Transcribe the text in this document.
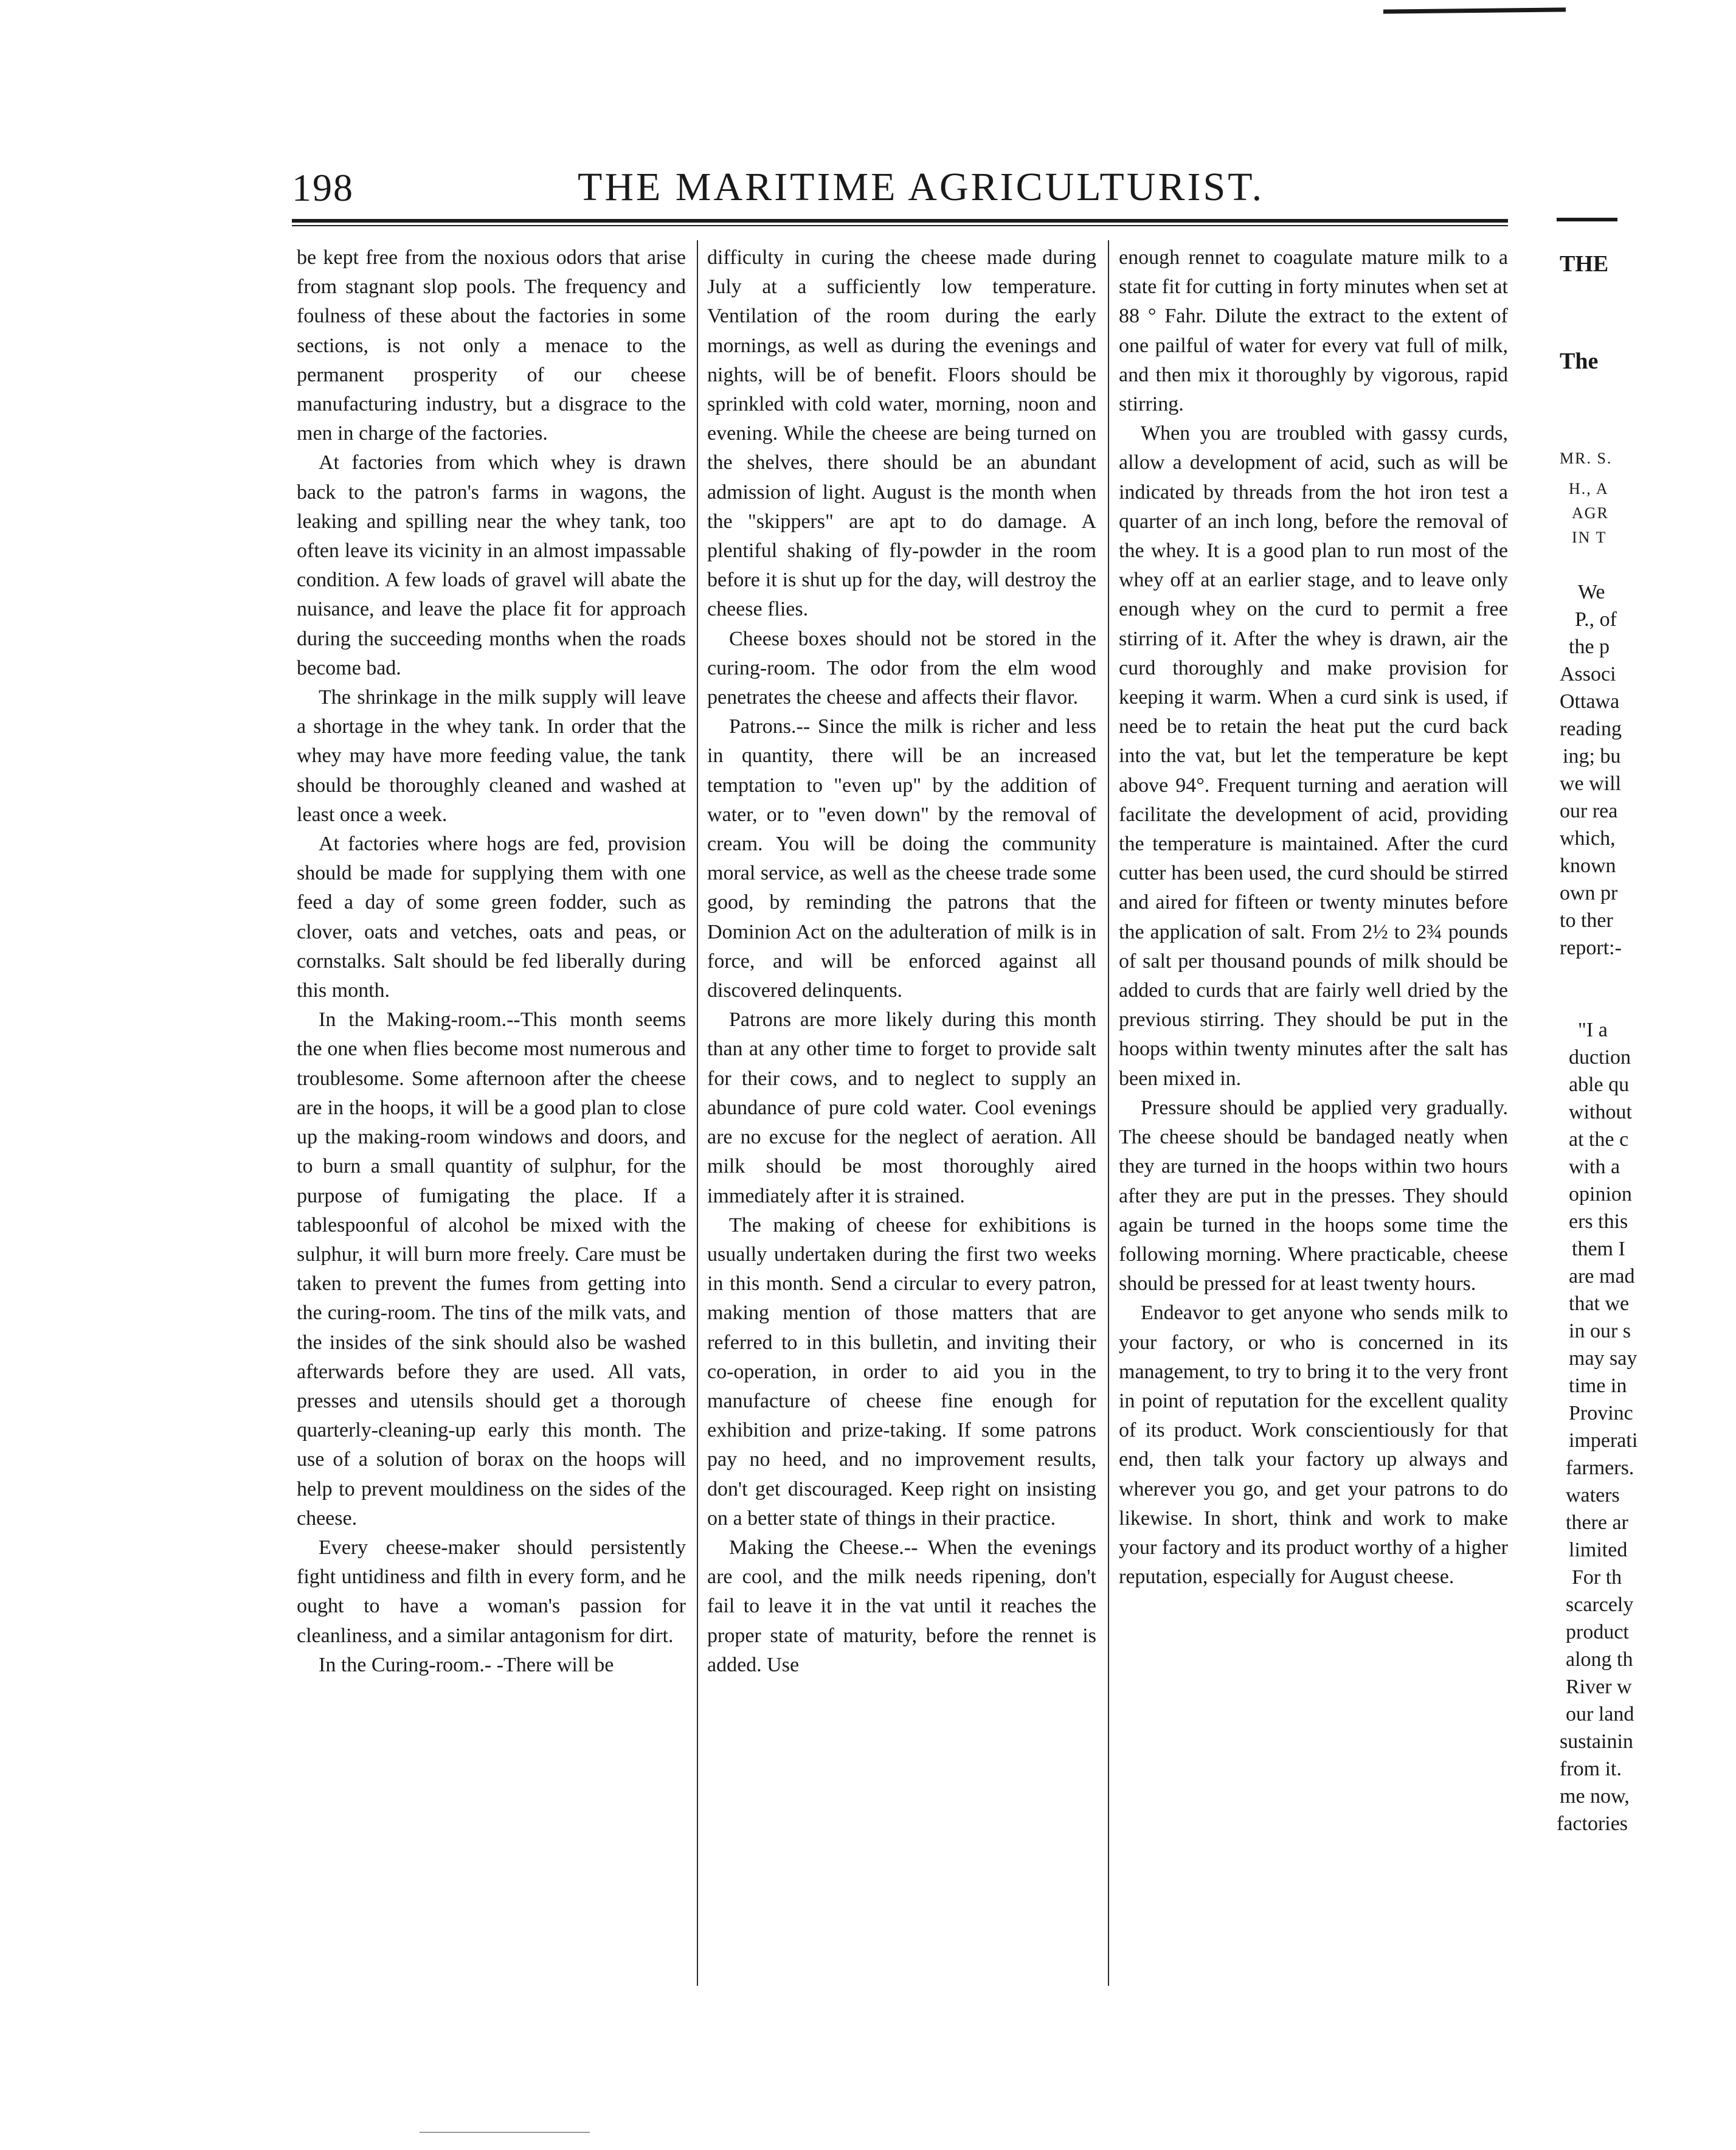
198	THE MARITIME AGRICULTURIST.

be kept free from the noxious odors that arise from stagnant slop pools. The frequency and foulness of these about the factories in some sections, is not only a menace to the permanent prosperity of our cheese manufacturing industry, but a disgrace to the men in charge of the factories.

At factories from which whey is drawn back to the patron's farms in wagons, the leaking and spilling near the whey tank, too often leave its vicinity in an almost impassable condition. A few loads of gravel will abate the nuisance, and leave the place fit for approach during the succeeding months when the roads become bad.

The shrinkage in the milk supply will leave a shortage in the whey tank. In order that the whey may have more feeding value, the tank should be thoroughly cleaned and washed at least once a week.

At factories where hogs are fed, provision should be made for supplying them with one feed a day of some green fodder, such as clover, oats and vetches, oats and peas, or cornstalks. Salt should be fed liberally during this month.

In the Making-room.--This month seems the one when flies become most numerous and troublesome. Some afternoon after the cheese are in the hoops, it will be a good plan to close up the making-room windows and doors, and to burn a small quantity of sulphur, for the purpose of fumigating the place. If a tablespoonful of alcohol be mixed with the sulphur, it will burn more freely. Care must be taken to prevent the fumes from getting into the curing-room. The tins of the milk vats, and the insides of the sink should also be washed afterwards before they are used. All vats, presses and utensils should get a thorough quarterly-cleaning-up early this month. The use of a solution of borax on the hoops will help to prevent mouldiness on the sides of the cheese.

Every cheese-maker should persistently fight untidiness and filth in every form, and he ought to have a woman's passion for cleanliness, and a similar antagonism for dirt.

In the Curing-room.- -There will be

difficulty in curing the cheese made during July at a sufficiently low temperature. Ventilation of the room during the early mornings, as well as during the evenings and nights, will be of benefit. Floors should be sprinkled with cold water, morning, noon and evening. While the cheese are being turned on the shelves, there should be an abundant admission of light. August is the month when the "skippers" are apt to do damage. A plentiful shaking of fly-powder in the room before it is shut up for the day, will destroy the cheese flies.

Cheese boxes should not be stored in the curing-room. The odor from the elm wood penetrates the cheese and affects their flavor.

Patrons.-- Since the milk is richer and less in quantity, there will be an increased temptation to "even up" by the addition of water, or to "even down" by the removal of cream. You will be doing the community moral service, as well as the cheese trade some good, by reminding the patrons that the Dominion Act on the adulteration of milk is in force, and will be enforced against all discovered delinquents.

Patrons are more likely during this month than at any other time to forget to provide salt for their cows, and to neglect to supply an abundance of pure cold water. Cool evenings are no excuse for the neglect of aeration. All milk should be most thoroughly aired immediately after it is strained.

The making of cheese for exhibitions is usually undertaken during the first two weeks in this month. Send a circular to every patron, making mention of those matters that are referred to in this bulletin, and inviting their co-operation, in order to aid you in the manufacture of cheese fine enough for exhibition and prize-taking. If some patrons pay no heed, and no improvement results, don't get discouraged. Keep right on insisting on a better state of things in their practice.

Making the Cheese.-- When the evenings are cool, and the milk needs ripening, don't fail to leave it in the vat until it reaches the proper state of maturity, before the rennet is added. Use

enough rennet to coagulate mature milk to a state fit for cutting in forty minutes when set at 88 ° Fahr. Dilute the extract to the extent of one pailful of water for every vat full of milk, and then mix it thoroughly by vigorous, rapid stirring.

When you are troubled with gassy curds, allow a development of acid, such as will be indicated by threads from the hot iron test a quarter of an inch long, before the removal of the whey. It is a good plan to run most of the whey off at an earlier stage, and to leave only enough whey on the curd to permit a free stirring of it. After the whey is drawn, air the curd thoroughly and make provision for keeping it warm. When a curd sink is used, if need be to retain the heat put the curd back into the vat, but let the temperature be kept above 94°. Frequent turning and aeration will facilitate the development of acid, providing the temperature is maintained. After the curd cutter has been used, the curd should be stirred and aired for fifteen or twenty minutes before the application of salt. From 2½ to 2¾ pounds of salt per thousand pounds of milk should be added to curds that are fairly well dried by the previous stirring. They should be put in the hoops within twenty minutes after the salt has been mixed in.

Pressure should be applied very gradually. The cheese should be bandaged neatly when they are turned in the hoops within two hours after they are put in the presses. They should again be turned in the hoops some time the following morning. Where practicable, cheese should be pressed for at least twenty hours.

Endeavor to get anyone who sends milk to your factory, or who is concerned in its management, to try to bring it to the very front in point of reputation for the excellent quality of its product. Work conscientiously for that end, then talk your factory up always and wherever you go, and get your patrons to do likewise. In short, think and work to make your factory and its product worthy of a higher reputation, especially for August cheese.

THE
The
MR. S.
H., A
AGR
IN T
We
P., of
the p
Associ
Ottawa
reading
ing; bu
we will
our rea
which,
known
own pr
to ther
report:-
"I a
duction
able qu
without
at the c
with a
opinion
ers this
them I
are mad
that we
in our s
may say
time in
Provinc
imperati
farmers.
waters
there ar
limited
For th
scarcely
product
along th
River w
our land
sustainin
from it.
me now,
factories
